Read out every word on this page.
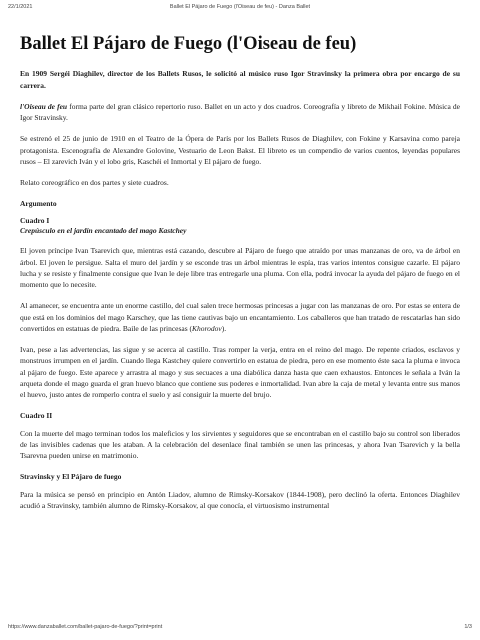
22/1/2021	Ballet El Pájaro de Fuego (l'Oiseau de feu) - Danza Ballet
Ballet El Pájaro de Fuego (l'Oiseau de feu)

En 1909 Sergéi Diaghilev, director de los Ballets Rusos, le solicitó al músico ruso Igor Stravinsky la primera obra por encargo de su carrera.

l'Oiseau de feu forma parte del gran clásico repertorio ruso. Ballet en un acto y dos cuadros. Coreografía y libreto de Mikhail Fokine. Música de Igor Stravinsky.

Se estrenó el 25 de junio de 1910 en el Teatro de la Ópera de París por los Ballets Rusos de Diaghilev, con Fokine y Karsavina como pareja protagonista. Escenografía de Alexandre Golovine, Vestuario de Leon Bakst. El libreto es un compendio de varios cuentos, leyendas populares rusos – El zarevich Iván y el lobo gris, Kaschéi el Inmortal y El pájaro de fuego.

Relato coreográfico en dos partes y siete cuadros.

Argumento

Cuadro I

Crepúsculo en el jardín encantado del mago Kastchey

El joven príncipe Ivan Tsarevich que, mientras está cazando, descubre al Pájaro de fuego que atraído por unas manzanas de oro, va de árbol en árbol. El joven le persigue. Salta el muro del jardín y se esconde tras un árbol mientras le espía, tras varios intentos consigue cazarle. El pájaro lucha y se resiste y finalmente consigue que Ivan le deje libre tras entregarle una pluma. Con ella, podrá invocar la ayuda del pájaro de fuego en el momento que lo necesite.

Al amanecer, se encuentra ante un enorme castillo, del cual salen trece hermosas princesas a jugar con las manzanas de oro. Por estas se entera de que está en los dominios del mago Karschey, que las tiene cautivas bajo un encantamiento. Los caballeros que han tratado de rescatarlas han sido convertidos en estatuas de piedra. Baile de las princesas (Khorodov).

Ivan, pese a las advertencias, las sigue y se acerca al castillo. Tras romper la verja, entra en el reino del mago. De repente criados, esclavos y monstruos irrumpen en el jardín. Cuando llega Kastchey quiere convertirlo en estatua de piedra, pero en ese momento éste saca la pluma e invoca al pájaro de fuego. Este aparece y arrastra al mago y sus secuaces a una diabólica danza hasta que caen exhaustos. Entonces le señala a Iván la arqueta donde el mago guarda el gran huevo blanco que contiene sus poderes e inmortalidad. Ivan abre la caja de metal y levanta entre sus manos el huevo, justo antes de romperlo contra el suelo y así consiguir la muerte del brujo.

Cuadro II

Con la muerte del mago terminan todos los maleficios y los sirvientes y seguidores que se encontraban en el castillo bajo su control son liberados de las invisibles cadenas que les ataban. A la celebración del desenlace final también se unen las princesas, y ahora Ivan Tsarevich y la bella Tsarevna pueden unirse en matrimonio.

Stravinsky y El Pájaro de fuego

Para la música se pensó en principio en Antón Liadov, alumno de Rimsky-Korsakov (1844-1908), pero declinó la oferta. Entonces Diaghilev acudió a Stravinsky, también alumno de Rimsky-Korsakov, al que conocía, el virtuosismo instrumental

https://www.danzaballet.com/ballet-pajaro-de-fuego/?print=print	1/3
